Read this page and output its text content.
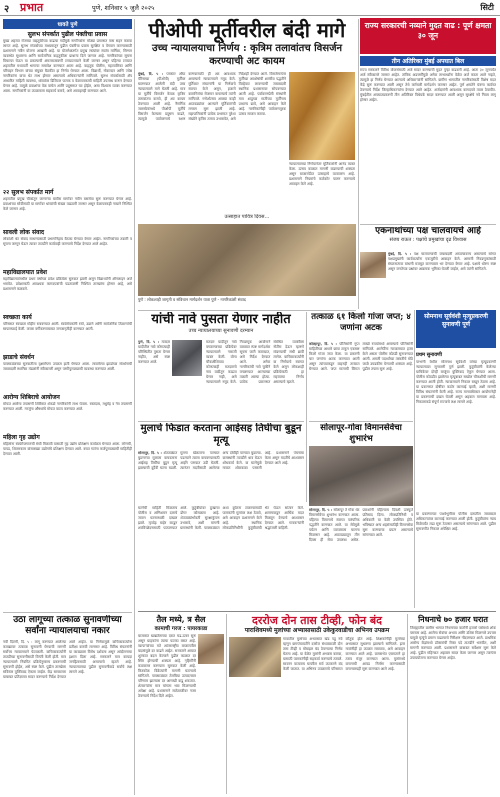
२ प्रभात	पुणे, शनिवार ५ जुलै २०२५	सिटी
धावते पुणे
सुलभ संपर्कात पुढील पंक्तीचा प्रवास
मुख्य शहरात रोजच्या वाहतुकीच्या वाढत्या गर्दीमुळे नागरिकांना मोठ्या प्रमाणात त्रास सहन करावा लागत आहे. सुलभ संपर्काच्या माध्यमातून पुढील पंक्तीचा प्रवास सुरक्षित व वेगवान करण्यासाठी प्रशासनाने नवीन योजना आखली आहे. या योजनेअंतर्गत प्रमुख रस्त्यांवर स्वतंत्र मार्गिका, सिग्नल व्यवस्थेत सुधारणा आणि सार्वजनिक वाहतुकीला प्राधान्य दिले जाणार आहे. नागरिकांच्या सूचना विचारात घेऊन या प्रकल्पाची अंमलबजावणी टप्प्याटप्प्याने केली जाणार असून पहिल्या टप्प्यात शहरातील मध्यवर्ती भागाचा समावेश करण्यात आला आहे. वाहतूक पोलीस, महापालिका आणि परिवहन विभाग यांच्या संयुक्त बैठकीत हा निर्णय घेण्यात आला. विद्यार्थी, नोकरदार आणि ज्येष्ठ नागरिकांना याचा थेट लाभ होणार असल्याचे अधिकाऱ्यांनी सांगितले. सुलभ संपर्कासाठी ॲप आधारित माहिती व्यवस्था, थांब्यांवर डिजिटल फलक व वेळापत्रकाची माहिती उपलब्ध करून देण्यात येणार आहे. यामुळे प्रवाशांचा वेळ वाचेल आणि प्रदूषणात घट होईल, असा विश्वास व्यक्त करण्यात आला. नागरिकांनी या उपक्रमाला सहकार्य करावे, असे आवाहनही करण्यात आले.
२२ सुलभ संपर्कात मार्ग
शहरातील प्रमुख चौकांतून जाणाऱ्या बावीस मार्गांवर नवीन बससेवा सुरू करण्यात येणार आहे. प्रवाशांच्या सोयीसाठी या मार्गांवर थांब्यांची संख्या वाढवली जाणार असून वेळापत्रकही नव्याने निश्चित केले जाणार आहे.
सावली लोक संवाद
लोकांशी थेट संवाद साधण्यासाठी प्रभागनिहाय बैठका घेण्यात येणार आहेत. नागरिकांच्या तक्रारी व सूचना जाणून घेऊन त्यावर तातडीने कार्यवाही करण्याचे निर्देश देण्यात आले आहेत.
महाविद्यालयात प्रवेश
महाविद्यालयांमधील प्रथम वर्षाच्या प्रवेश प्रक्रियेला सुरुवात झाली असून विद्यार्थ्यांनी ऑनलाइन अर्ज भरावेत. प्रवेशासाठी आवश्यक कागदपत्रांची पडताळणी निश्चित तारखांना होणार आहे, असे प्रशासनाने कळवले.
स्वच्छता कार्य
परिसरात स्वच्छता मोहीम राबवण्यात आली. स्वयंसेवकांनी रस्ते, उद्याने आणि सार्वजनिक ठिकाणांची साफसफाई केली. कचरा वर्गीकरणाबाबत जनजागृतीही करण्यात आली.
झाडाचे संवर्धन
पावसाळ्याच्या सुरुवातीला वृक्षारोपण उपक्रम हाती घेण्यात आला. लावलेल्या झाडांच्या संवर्धनाची जबाबदारी स्थानिक मंडळांनी स्वीकारली असून पाणीपुरवठ्याची व्यवस्था करण्यात आली.
आरोग्य शिबिराचे आयोजन
मोफत आरोग्य तपासणी शिबिरात शेकडो नागरिकांनी लाभ घेतला. रक्तदाब, मधुमेह व नेत्र तपासणी करण्यात आली. गरजूंना औषधांचे मोफत वाटप करण्यात आले.
महिला गृह उद्योग
महिलांना स्वयंरोजगाराची संधी मिळावी यासाठी गृह उद्योग प्रशिक्षण कार्यक्रम घेण्यात आला. लोणची, पापड, शिवणकाम यांसारख्या उद्योगांचे प्रशिक्षण देण्यात आले. बचत गटांना कर्जपुरवठ्याची माहितीही देण्यात आली.
उठा लागूच्या तत्काळ सुनावणीच्या सर्वांना न्यायालयाचा नकार
नवी दिल्ली, दि. ५ : लागू करण्यात आलेल्या कायद्यावर तत्काळ सुनावणी घेण्याची मागणी सर्वोच्च न्यायालयाने फेटाळली. याचिकाकर्त्यांनी तातडीच्या सुनावणीसाठी विनंती केली होती. मात्र न्यायालयाने नियमित प्रक्रियेनुसारच प्रकरणाची सुनावणी होईल, असे स्पष्ट केले. पुढील तारखेला सविस्तर युक्तिवाद ऐकला जाईल. केंद्र सरकारला याबाबत प्रतिज्ञापत्र सादर करण्याचे निर्देश देण्यात आले आहेत. या निर्णयामुळे याचिकाकर्त्यांना प्रतीक्षा करावी लागणार आहे. विविध संघटनांनी या कायद्याला विरोध दर्शवला असून आंदोलनाचा इशारा दिला आहे. सरकारने मात्र कायदा जनहितासाठी असल्याचे म्हटले आहे. न्यायालयाच्या पुढील सुनावणीकडे सर्वांचे लक्ष लागले आहे.
पीओपी मूर्तीवरील बंदी मागे
उच्च न्यायालयाचा निर्णय : कृत्रिम तलावांतच विसर्जन करण्याची अट कायम
मुंबई, दि. ५ : प्लास्टर ऑफ पॅरिसच्या (पीओपी) मूर्तींवर घालण्यात आलेली बंदी उच्च न्यायालयाने मागे घेतली आहे. मात्र या मूर्तींचे विसर्जन केवळ कृत्रिम तलावांतच करावे, ही अट कायम ठेवण्यात आली आहे. नैसर्गिक जलस्रोतांमध्ये पीओपी मूर्तींचे विसर्जन केल्यास प्रदूषण वाढते, त्यामुळे पर्यावरणाचे रक्षण करण्यासाठी ही अट आवश्यक असल्याचे न्यायालयाने नमूद केले. मूर्तिकार संघटनांनी या निर्णयाचे स्वागत केले असून, हजारो कारागिरांचा रोजगार वाचल्याचे त्यांनी सांगितले. गणेशोत्सव अवघ्या काही आठवड्यांवर आल्याने मूर्तिकारांची लगबग सुरू झाली आहे. महापालिकांनी प्रत्येक प्रभागात पुरेशा संख्येने कृत्रिम तलाव उभारावेत, असे निर्देशही देण्यात आले. विसर्जनानंतर मूर्तींच्या अवशेषांची शास्त्रीय पद्धतीने विल्हेवाट लावण्याची जबाबदारी स्थानिक प्रशासनावर सोपवण्यात आली आहे. पर्यावरणप्रेमी संस्थांनी मात्र शाडूच्या मातीच्या मूर्तींनाच प्राधान्य द्यावे, असे आवाहन केले आहे. नागरिकांनीही पर्यावरणपूरक उत्सव साजरा करावा.
न्यायालयाच्या निर्णयानंतर मूर्तिकारांनी आनंद व्यक्त केला. उत्सव काळात मागणी वाढण्याची शक्यता असून बाजारपेठेत उत्साहाचे वातावरण आहे. प्रशासनाने नियमांचे काटेकोर पालन करण्याचे आवाहन केले आहे.
उत्साहात पावित्र दिवस…
पुणे : लोकशाही जागृती व संविधान मार्गदर्शन यात्रा पुणे - नागरिकांशी संवाद
राज्य सरकारची नव्याने मुदत वाढ : पूर्ण क्षमता ३० जून
तीन अतिरिक्त मुंबई अपघात बिल
राज्य सरकारने विविध योजनांसाठी अर्ज सादर करण्याची मुदत पुन्हा वाढवली आहे. आता ३० जूनपर्यंत अर्ज स्वीकारले जाणार आहेत. तांत्रिक अडचणींमुळे अनेक लाभार्थ्यांना वेळेत अर्ज करता आले नव्हते, त्यामुळे हा निर्णय घेण्यात आल्याचे अधिकाऱ्यांनी सांगितले. ग्रामीण भागातील नागरिकांसाठी विशेष मदत केंद्रे सुरू करण्यात आली असून तेथे कर्मचारी मार्गदर्शन करणार आहेत. पूर्ण क्षमतेने यंत्रणा कार्यरत ठेवण्याचे निर्देश जिल्हाधिकाऱ्यांना देण्यात आले आहेत. अर्जदारांनी आवश्यक कागदपत्रे तयार ठेवावीत. मुंबईतील अपघातप्रकरणी तीन अतिरिक्त विधेयके सादर करण्यात आली असून सुरक्षेचे नवे नियम लागू होणार आहेत.
एकनाथांच्या पक्ष चालवायचे आहे
संजय राऊत : पक्षांचे प्रमुखांचा दृढ विश्वास
मुंबई, दि. ५ : पक्ष चालवण्याची जबाबदारी आपल्यावरच असल्याचे सांगत पक्षप्रमुखांनी कार्यकर्त्यांना एकजुटीचे आवाहन केले. आगामी निवडणुकांसाठी संघटनात्मक बांधणी मजबूत करण्यावर भर देण्यात येणार आहे. पक्षाचे धोरण स्पष्ट असून जनतेच्या प्रश्नांवर आक्रमक भूमिका घेतली जाईल, असे त्यांनी सांगितले.
सोमनाथ सूर्यवंशी मृत्यूप्रकरणी सुनावणी पूर्ण
प्रथम सुनावणी
परभणी येथील सोमनाथ सूर्यवंशी यांच्या मृत्यूप्रकरणी न्यायालयात सुनावणी पूर्ण झाली. कुटुंबीयांनी केलेल्या याचिकेवर दोन्ही बाजूंचा युक्तिवाद ऐकून घेण्यात आला. पोलीस कोठडीत झालेल्या मृत्यूबाबत सखोल चौकशीची मागणी करण्यात आली होती. न्यायालयाने निकाल राखून ठेवला आहे. या प्रकरणात दोषींवर कठोर कारवाई व्हावी, अशी मागणी विविध संघटनांनी केली आहे. राज्य मानवाधिकार आयोगानेही या प्रकरणाची दखल घेतली असून अहवाल मागवला आहे. निकालाकडे संपूर्ण राज्याचे लक्ष लागले आहे.
यांची नावे पुसता येणार नाहीत
उच्च न्यायालयाच्या सुनावणी दरम्यान
पुणे, दि. ५ : मतदार यादीतील नावे कोणत्याही परिस्थितीत पुसता येणार नाहीत, असे स्पष्ट करण्यात आले.
मतदार यादीतून नावे वगळण्याच्या प्रक्रियेवर न्यायालयाने नाराजी व्यक्त केली. योग्य चौकशीशिवाय कोणत्याही मतदाराचे नाव यादीतून काढता येणार नाही, असे न्यायालयाने नमूद केले. निवडणूक आयोगाने याबाबत स्पष्ट मार्गदर्शक सूचना जारी कराव्यात, असे निर्देश देण्यात आले. अनेक नागरिकांची नावे चुकीने वगळण्यात आल्याच्या तक्रारी आल्या होत्या. प्रत्येक प्रकरणात संबंधित व्यक्तीला नोटीस देऊन म्हणणे मांडण्याची संधी द्यावी लागेल. याचिकाकर्त्यांनी या निर्णयाचे स्वागत केले असून लोकशाही प्रक्रियेसाठी हा महत्त्वाचा निर्णय असल्याचे म्हटले.
तत्काळ ६१ किलो गांजा जप्त; ४ जणांना अटक
कोल्हापूर, दि. ५ : पोलिसांनी गुप्त माहितीच्या आधारे छापा टाकून एकसष्ट किलो गांजा जप्त केला. या प्रकरणी चार जणांना अटक करण्यात आली असून त्यांच्याकडून वाहनही ताब्यात घेण्यात आले. जप्त मालाची किंमत लाखो रुपयांमध्ये असल्याचे पोलिसांनी सांगितले. आरोपींना न्यायालयात हजर केले असता पोलीस कोठडी सुनावण्यात आली. अमली पदार्थांच्या तस्करीचे मोठे जाळे उघडकीस येण्याची शक्यता आहे. पुढील तपास सुरू आहे.
मुलाचे फिडात करताना आईसह तिघीचा बुडून मृत्यू
सोलापूर, दि. ५ : शेततळ्यात बुडणाऱ्या मुलाला वाचवताना आईसह तिघींचा बुडून मृत्यू झाल्याची दुर्दैवी घटना घडली. मुलगा खेळताना पाण्यात पडल्याने त्याला वाचवण्यासाठी आईने पाण्यात उडी घेतली. त्यानंतर मदतीसाठी आलेल्या अन्य दोघीही पाण्यात बुडाल्या. ग्रामस्थांनी तातडीने धाव घेऊन शोधकार्य केले. या घटनेमुळे गावात शोककळा पसरली आहे. प्रशासनाने पंचनामा केला असून मदतीचे आश्वासन देण्यात आले आहे.
सोलापूर-गोवा विमानसेवेचा शुभारंभ
सोलापूर, दि. ५ : सोलापूर ते गोवा थेट विमानसेवेचा शुभारंभ करण्यात आला. पहिल्या विमानाचे स्वागत पारंपरिक पद्धतीने करण्यात आले. या सेवेमुळे पर्यटन आणि व्यापाराला चालना मिळणार आहे. आठवड्यातून तीन दिवस ही सेवा उपलब्ध असेल. प्रवाशांनी पहिल्याच दिवशी उत्स्फूर्त प्रतिसाद दिला. लोकप्रतिनिधी व अधिकारी या वेळी उपस्थित होते. भविष्यात अन्य शहरांसाठीही विमानसेवा सुरू करण्याचा प्रयत्न असल्याचे सांगण्यात आले.
घटनेची माहिती मिळताच पोलीस व अग्निशमन दलाचे जवान घटनास्थळी दाखल झाले. मृतदेह बाहेर काढून शवविच्छेदनासाठी पाठवण्यात आले. कुटुंबीयांवर दुःखाचा डोंगर कोसळला आहे. शेततळ्यांभोवती सुरक्षाकुंपण उभारावे, अशी मागणी ग्रामस्थांनी केली. पावसाळ्यात अशा दुर्घटना टाळण्यासाठी पालकांनी मुलांवर लक्ष ठेवावे, असे आवाहन प्रशासनाने केले आहे. स्थानिक लोकप्रतिनिधींनी कुटुंबीयांची भेट घेऊन सांत्वन केले. शासनाकडून आर्थिक मदत मिळवून देण्याचे आश्वासन देण्यात आले. गावकऱ्यांनी श्रद्धांजली वाहिली.
या प्रकरणाच्या पार्श्वभूमीवर पोलीस दलातील जबाबदार अधिकाऱ्यांवर कारवाई करण्यात आली होती. कुटुंबीयांना न्याय मिळेपर्यंत लढा सुरू ठेवणार असल्याचे सांगण्यात आले. पुढील सुनावणीत निकाल अपेक्षित आहे.
तैल मध्ये, त्र सैल
कामाची गरज : पायरकाडा
बाजारात खाद्यतेलाच्या दरात चढ-उतार सुरू असून ग्राहकांना त्याचा फटका बसत आहे. व्यापाऱ्यांच्या मते आंतरराष्ट्रीय बाजारातील बदलांमुळे दर वाढले आहेत. सरकारने आयात शुल्कात बदल केल्याने पुढील काळात दर स्थिर होण्याची शक्यता आहे. गृहिणींनी काटकसर करण्यास सुरुवात केली आहे. किरकोळ विक्रेत्यांनी मागणी घटल्याचे सांगितले. पावसाळ्यात तेलबिया उत्पादनावर परिणाम झाल्यास दर आणखी वाढू शकतात. शेतकऱ्यांना मात्र चांगला भाव मिळण्याची अपेक्षा आहे. प्रशासनाने साठेबाजीवर नजर ठेवण्याचे निर्देश दिले आहेत.
दररोज दोन तास टीव्ही, फोन बंद
पाराशिवमध्ये मुलांच्या अभ्यासासाठी उकेकुरवाडीचा अभिनव उपक्रम
गावातील मुलांच्या अभ्यासात खंड पडू नये म्हणून ग्रामपंचायतीने दररोज संध्याकाळी दोन तास टीव्ही व मोबाइल बंद ठेवण्याचा निर्णय घेतला आहे. या वेळेत मुलांनी अभ्यास करावा, यासाठी पालकांनीही सहकार्य करण्याचे ठरवले. सायरन वाजताच घरातील सर्व उपकरणे बंद केली जातात. या अभिनव उपक्रमाचे परिसरात कौतुक होत आहे. शिक्षकांनीही मुलांच्या अभ्यासात सुधारणा झाल्याचे सांगितले. इतर गावांनीही हा उपक्रम राबवावा, असे आवाहन करण्यात आले आहे. ग्रामसभेत एकमताने हा ठराव मंजूर करण्यात आला. मुलांमध्ये वाचनाची आवड निर्माण करण्यासाठी वाचनालयही सुरू करण्यात आले आहे.
निधनाचे ७० हजार घरात
जिल्ह्यातील ग्रामीण भागात निधनाच्या वार्तांनी हजारो घरांमध्ये शोक पसरला आहे. आरोग्य सेवांचा अभाव आणि उशिरा मिळणारे उपचार यामुळे मृत्यूंचे प्रमाण वाढल्याचे निरीक्षण नोंदवण्यात आले. प्राथमिक आरोग्य केंद्रांमध्ये डॉक्टरांची रिक्त पदे तातडीने भरावीत, अशी मागणी करण्यात आली. प्रशासनाने याबाबत सर्वेक्षण सुरू केले आहे. पुढील महिन्यात अहवाल सादर केला जाणार असून त्यानंतर उपाययोजना करण्यात येणार आहेत.
